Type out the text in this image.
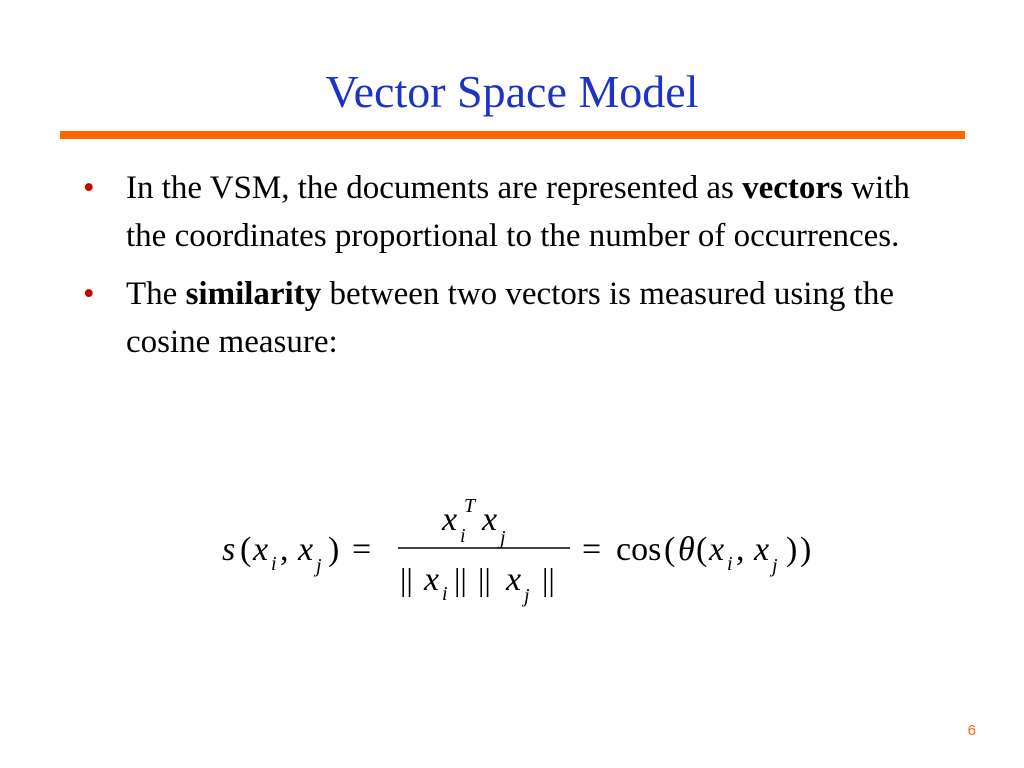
Vector Space Model
• In the VSM, the documents are represented as vectors with the coordinates proportional to the number of occurrences.
• The similarity between two vectors is measured using the cosine measure:
s ( x i , x j ) =
x i
T x j
|| x i || || x j ||
= cos ( θ ( x i , x j ) )
6
